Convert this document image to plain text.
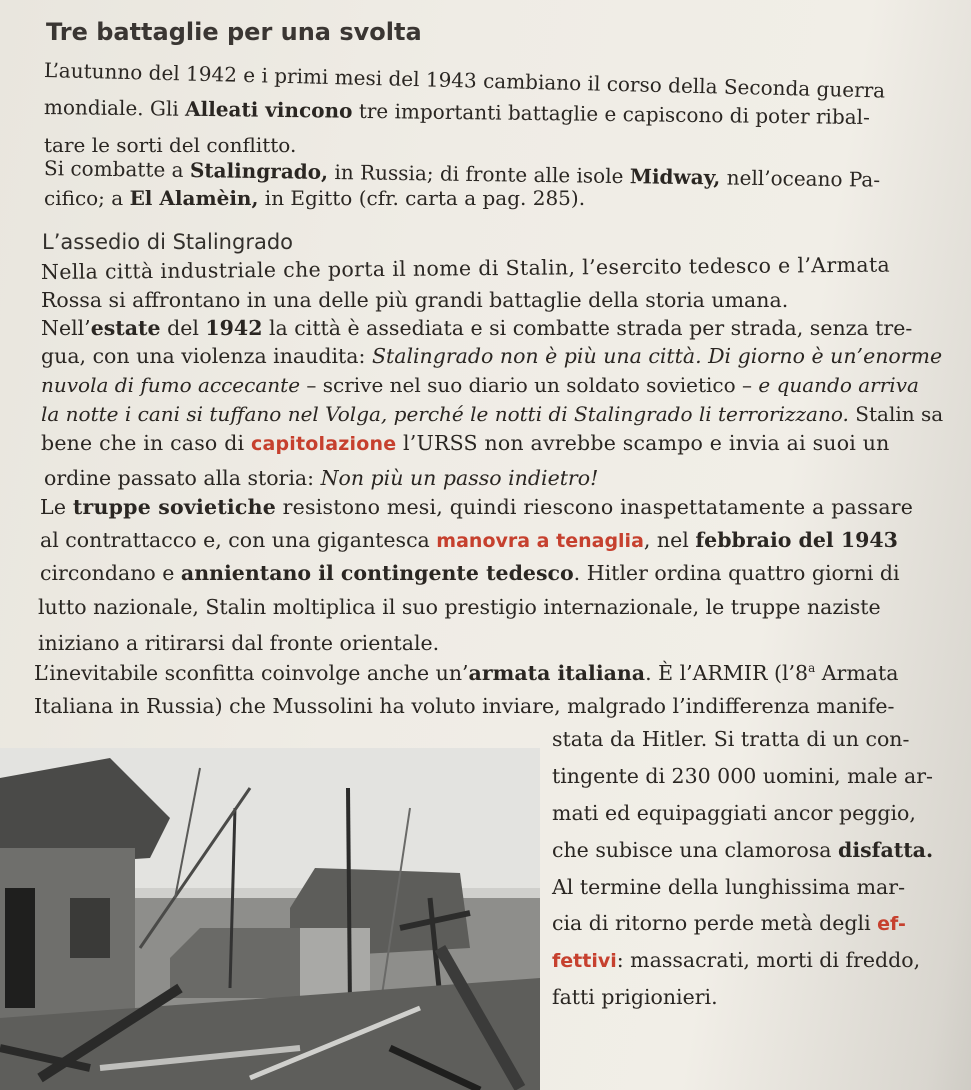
Tre battaglie per una svolta
L’autunno del 1942 e i primi mesi del 1943 cambiano il corso della Seconda guerra
mondiale. Gli Alleati vincono tre importanti battaglie e capiscono di poter ribal-
tare le sorti del conflitto.
Si combatte a Stalingrado, in Russia; di fronte alle isole Midway, nell’oceano Pa-
cifico; a El Alamèin, in Egitto (cfr. carta a pag. 285).
L’assedio di Stalingrado
Nella città industriale che porta il nome di Stalin, l’esercito tedesco e l’Armata
Rossa si affrontano in una delle più grandi battaglie della storia umana.
Nell’estate del 1942 la città è assediata e si combatte strada per strada, senza tre-
gua, con una violenza inaudita: Stalingrado non è più una città. Di giorno è un’enorme
nuvola di fumo accecante – scrive nel suo diario un soldato sovietico – e quando arriva
la notte i cani si tuffano nel Volga, perché le notti di Stalingrado li terrorizzano. Stalin sa
bene che in caso di capitolazione l’URSS non avrebbe scampo e invia ai suoi un
ordine passato alla storia: Non più un passo indietro!
Le truppe sovietiche resistono mesi, quindi riescono inaspettatamente a passare
al contrattacco e, con una gigantesca manovra a tenaglia, nel febbraio del 1943
circondano e annientano il contingente tedesco. Hitler ordina quattro giorni di
lutto nazionale, Stalin moltiplica il suo prestigio internazionale, le truppe naziste
iniziano a ritirarsi dal fronte orientale.
L’inevitabile sconfitta coinvolge anche un’armata italiana. È l’ARMIR (l’8$^a$ Armata
Italiana in Russia) che Mussolini ha voluto inviare, malgrado l’indifferenza manife-
stata da Hitler. Si tratta di un con-
tingente di 230 000 uomini, male ar-
mati ed equipaggiati ancor peggio,
che subisce una clamorosa disfatta.
Al termine della lunghissima mar-
cia di ritorno perde metà degli ef-
fettivi: massacrati, morti di freddo,
fatti prigionieri.
